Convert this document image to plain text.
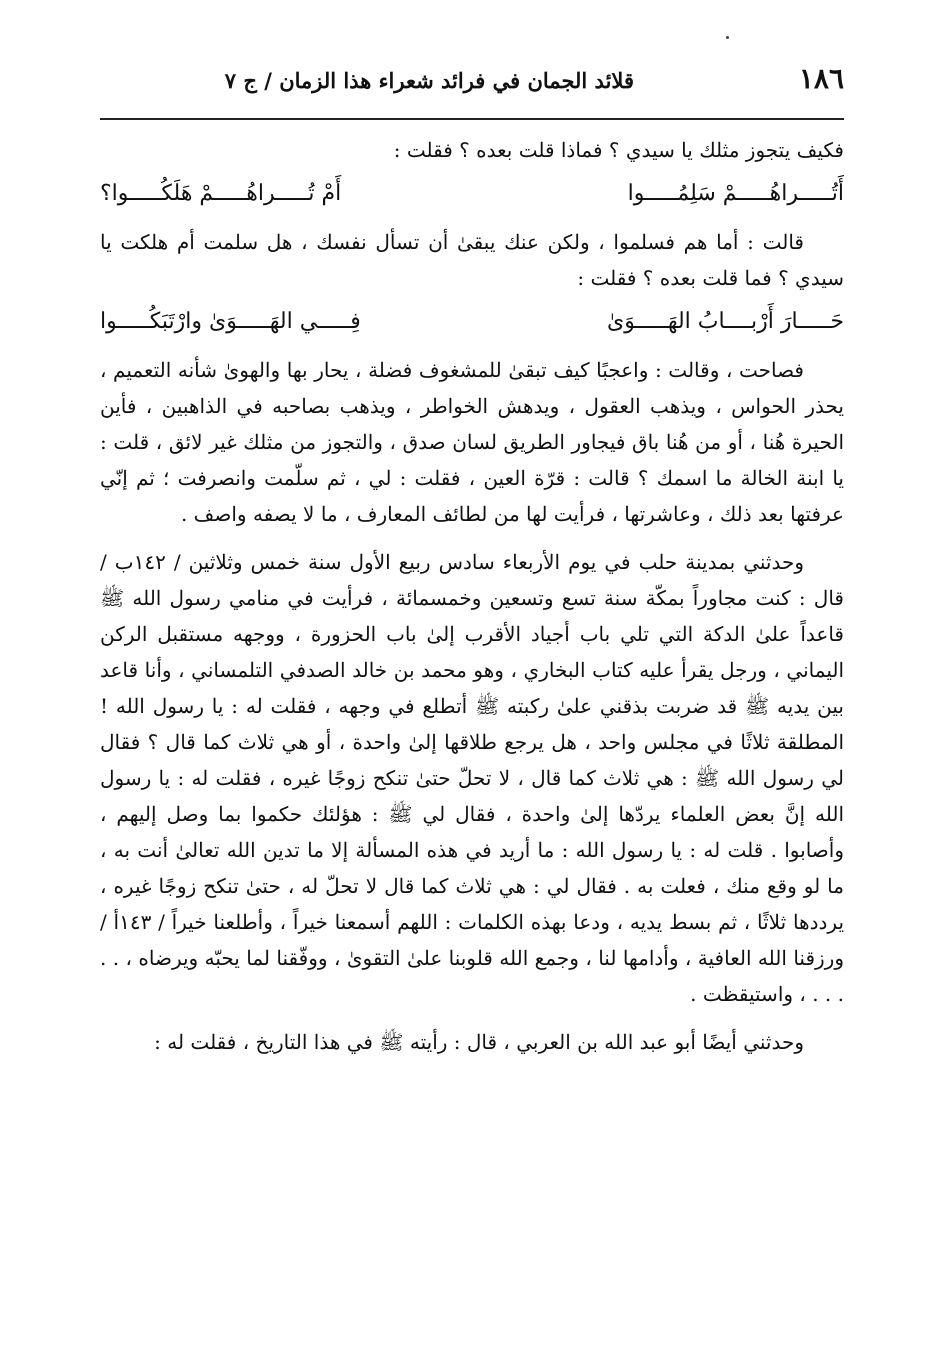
١٨٦
قلائد الجمان في فرائد شعراء هذا الزمان / ج ٧

فكيف يتجوز مثلك يا سيدي ؟ فماذا قلت بعده ؟ فقلت :

أَتُـــــراهُـــــمْ سَلِمُـــــوا
أَمْ تُـــــراهُـــــمْ هَلَكُـــــوا؟

قالت : أما هم فسلموا ، ولكن عنك يبقىٰ أن تسأل نفسك ، هل سلمت أم هلكت يا سيدي ؟ فما قلت بعده ؟ فقلت :

حَـــــارَ أَرْبــــابُ الهَـــــوَىٰ
فِـــــي الهَـــــوَىٰ وارْتَبَكُـــــوا

فصاحت ، وقالت : واعجبًا كيف تبقىٰ للمشغوف فضلة ، يحار بها والهوىٰ شأنه التعميم ، يحذر الحواس ، ويذهب العقول ، ويدهش الخواطر ، ويذهب بصاحبه في الذاهبين ، فأين الحيرة هُنا ، أو من هُنا باق فيجاور الطريق لسان صدق ، والتجوز من مثلك غير لائق ، قلت : يا ابنة الخالة ما اسمك ؟ قالت : قرّة العين ، فقلت : لي ، ثم سلّمت وانصرفت ؛ ثم إنّي عرفتها بعد ذلك ، وعاشرتها ، فرأيت لها من لطائف المعارف ، ما لا يصفه واصف .

وحدثني بمدينة حلب في يوم الأربعاء سادس ربيع الأول سنة خمس وثلاثين / ١٤٢ب / قال : كنت مجاوراً بمكّة سنة تسع وتسعين وخمسمائة ، فرأيت في منامي رسول الله ﷺ قاعداً علىٰ الدكة التي تلي باب أجياد الأقرب إلىٰ باب الحزورة ، ووجهه مستقبل الركن اليماني ، ورجل يقرأ عليه كتاب البخاري ، وهو محمد بن خالد الصدفي التلمساني ، وأنا قاعد بين يديه ﷺ قد ضربت بذقني علىٰ ركبته ﷺ أتطلع في وجهه ، فقلت له : يا رسول الله ! المطلقة ثلاثًا في مجلس واحد ، هل يرجع طلاقها إلىٰ واحدة ، أو هي ثلاث كما قال ؟ فقال لي رسول الله ﷺ : هي ثلاث كما قال ، لا تحلّ حتىٰ تنكح زوجًا غيره ، فقلت له : يا رسول الله إنَّ بعض العلماء يردّها إلىٰ واحدة ، فقال لي ﷺ : هؤلئك حكموا بما وصل إليهم ، وأصابوا . قلت له : يا رسول الله : ما أريد في هذه المسألة إلا ما تدين الله تعالىٰ أنت به ، ما لو وقع منك ، فعلت به . فقال لي : هي ثلاث كما قال لا تحلّ له ، حتىٰ تنكح زوجًا غيره ، يرددها ثلاثًا ، ثم بسط يديه ، ودعا بهذه الكلمات : اللهم أسمعنا خيراً ، وأطلعنا خيراً / ١٤٣أ / ورزقنا الله العافية ، وأدامها لنا ، وجمع الله قلوبنا علىٰ التقوىٰ ، ووفّقنا لما يحبّه ويرضاه ، . . . . . ، واستيقظت .

وحدثني أيضًا أبو عبد الله بن العربي ، قال : رأيته ﷺ في هذا التاريخ ، فقلت له :
